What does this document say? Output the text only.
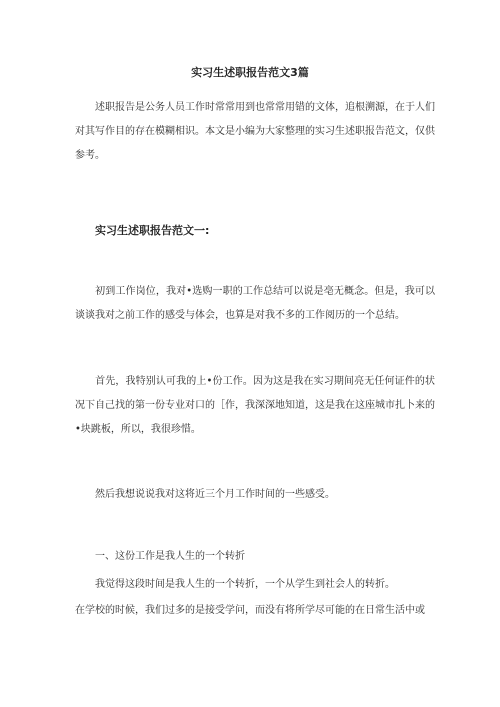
实习生述职报告范文3篇

述职报告是公务人员工作时常常用到也常常用错的文体，追根溯源，在于人们对其写作目的存在模糊相识。本文是小编为大家整理的实习生述职报告范文，仅供参考。

实习生述职报告范文一:

初到工作岗位，我对•选购一职的工作总结可以说是亳无概念。但是，我可以谈谈我对之前工作的感受与体会，也算是对我不多的工作阅历的一个总结。

首先，我特别认可我的上•份工作。因为这是我在实习期间亮无任何证件的状况下自己找的第一份专业对口的［作，我深深地知道，这是我在这座城市扎卜来的•块跳板，所以，我很珍惜。

然后我想说说我对这将近三个月工作时间的一些感受。

一、这份工作是我人生的一个转折

我觉得这段时间是我人生的一个转折，一个从学生到社会人的转折。

在学校的时候，我们过多的是接受学问，而没有将所学尽可能的在日常生活中或
